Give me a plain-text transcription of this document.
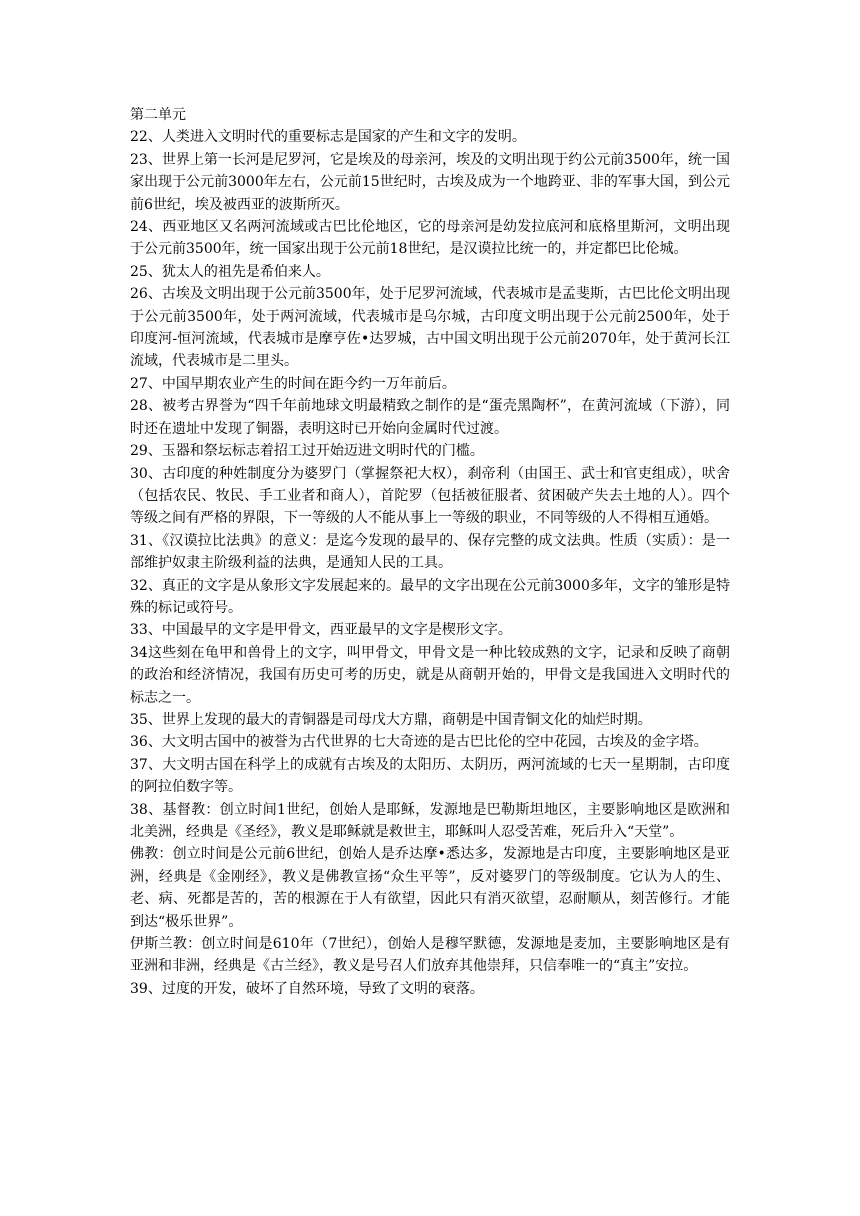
第二单元

22、人类进入文明时代的重要标志是国家的产生和文字的发明。

23、世界上第一长河是尼罗河，它是埃及的母亲河，埃及的文明出现于约公元前3500年，统一国家出现于公元前3000年左右，公元前15世纪时，古埃及成为一个地跨亚、非的军事大国，到公元前6世纪，埃及被西亚的波斯所灭。

24、西亚地区又名两河流域或古巴比伦地区，它的母亲河是幼发拉底河和底格里斯河，文明出现于公元前3500年，统一国家出现于公元前18世纪，是汉谟拉比统一的，并定都巴比伦城。

25、犹太人的祖先是希伯来人。

26、古埃及文明出现于公元前3500年，处于尼罗河流域，代表城市是孟斐斯，古巴比伦文明出现于公元前3500年，处于两河流域，代表城市是乌尔城，古印度文明出现于公元前2500年，处于印度河-恒河流域，代表城市是摩亨佐•达罗城，古中国文明出现于公元前2070年，处于黄河长江流域，代表城市是二里头。

27、中国早期农业产生的时间在距今约一万年前后。

28、被考古界誉为“四千年前地球文明最精致之制作的是“蛋壳黑陶杯”，在黄河流域（下游），同时还在遗址中发现了铜器，表明这时已开始向金属时代过渡。

29、玉器和祭坛标志着招工过开始迈进文明时代的门槛。

30、古印度的种姓制度分为婆罗门（掌握祭祀大权），刹帝利（由国王、武士和官吏组成），吠舍（包括农民、牧民、手工业者和商人），首陀罗（包括被征服者、贫困破产失去土地的人）。四个等级之间有严格的界限，下一等级的人不能从事上一等级的职业，不同等级的人不得相互通婚。

31、《汉谟拉比法典》的意义：是迄今发现的最早的、保存完整的成文法典。性质（实质）：是一部维护奴隶主阶级利益的法典，是通知人民的工具。

32、真正的文字是从象形文字发展起来的。最早的文字出现在公元前3000多年，文字的雏形是特殊的标记或符号。

33、中国最早的文字是甲骨文，西亚最早的文字是楔形文字。

34这些刻在龟甲和兽骨上的文字，叫甲骨文，甲骨文是一种比较成熟的文字，记录和反映了商朝的政治和经济情况，我国有历史可考的历史，就是从商朝开始的，甲骨文是我国进入文明时代的标志之一。

35、世界上发现的最大的青铜器是司母戊大方鼎，商朝是中国青铜文化的灿烂时期。

36、大文明古国中的被誉为古代世界的七大奇迹的是古巴比伦的空中花园，古埃及的金字塔。

37、大文明古国在科学上的成就有古埃及的太阳历、太阴历，两河流域的七天一星期制，古印度的阿拉伯数字等。

38、基督教：创立时间1世纪，创始人是耶稣，发源地是巴勒斯坦地区，主要影响地区是欧洲和北美洲，经典是《圣经》，教义是耶稣就是救世主，耶稣叫人忍受苦难，死后升入“天堂”。

佛教：创立时间是公元前6世纪，创始人是乔达摩•悉达多，发源地是古印度，主要影响地区是亚洲，经典是《金刚经》，教义是佛教宣扬“众生平等”，反对婆罗门的等级制度。它认为人的生、老、病、死都是苦的，苦的根源在于人有欲望，因此只有消灭欲望，忍耐顺从，刻苦修行。才能到达“极乐世界”。

伊斯兰教：创立时间是610年（7世纪），创始人是穆罕默德，发源地是麦加，主要影响地区是有亚洲和非洲，经典是《古兰经》，教义是号召人们放弃其他崇拜，只信奉唯一的“真主”安拉。

39、过度的开发，破坏了自然环境，导致了文明的衰落。
